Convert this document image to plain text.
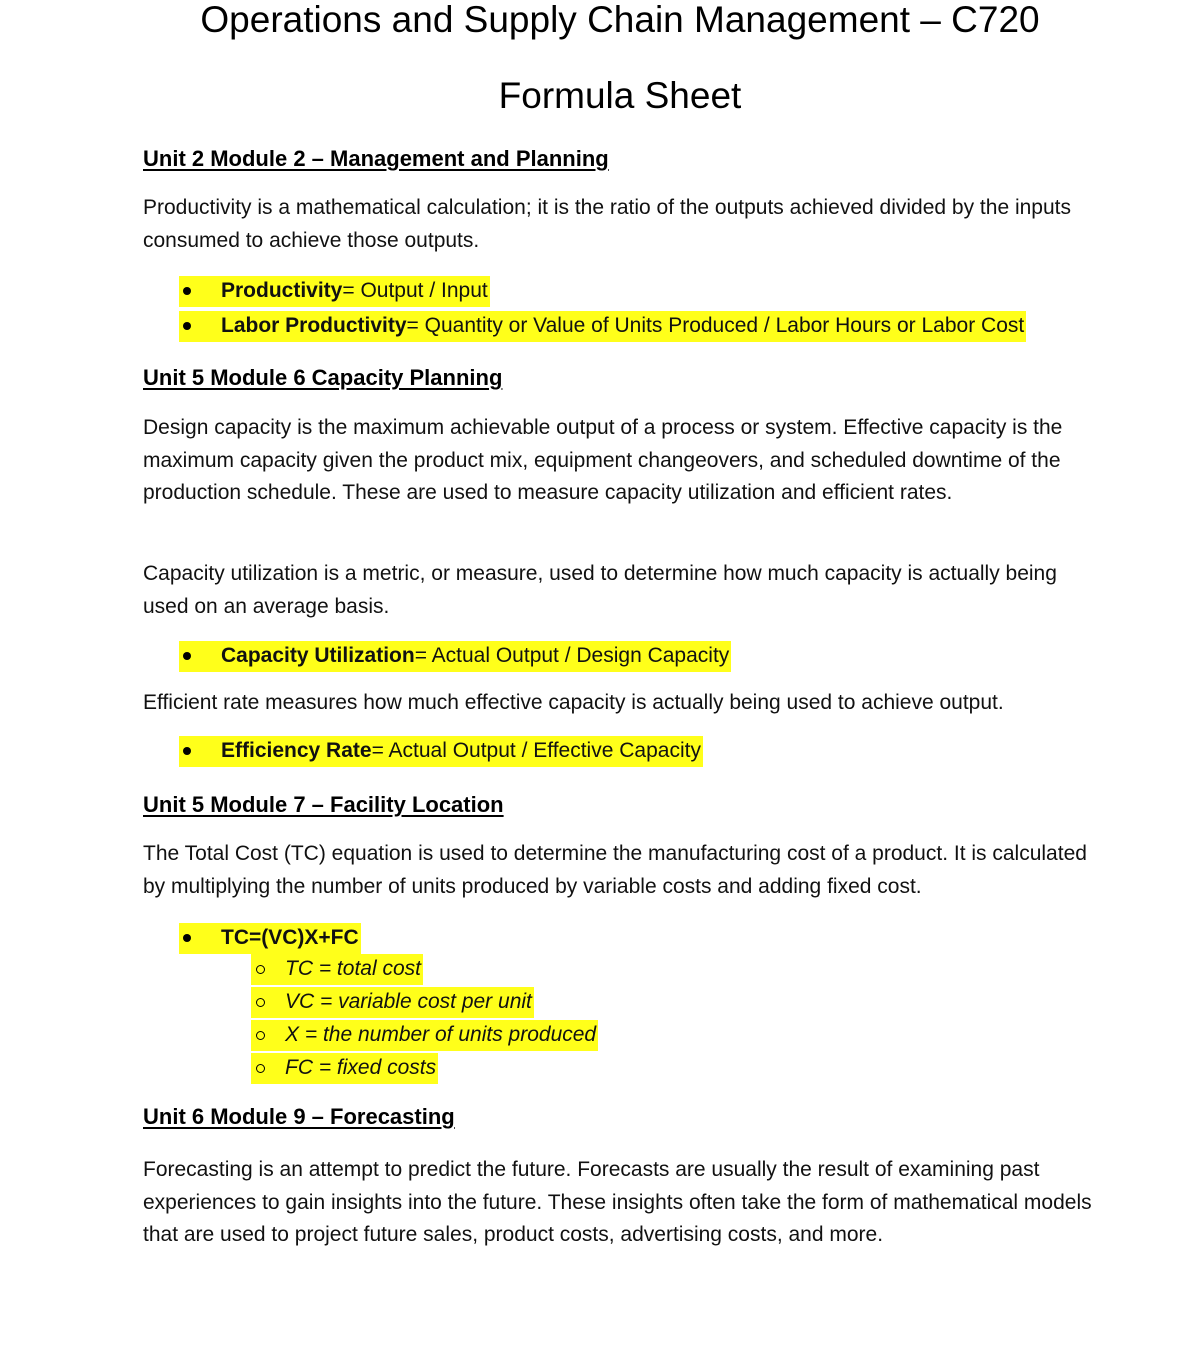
Operations and Supply Chain Management – C720
Formula Sheet
Unit 2 Module 2 – Management and Planning

Productivity is a mathematical calculation; it is the ratio of the outputs achieved divided by the inputs consumed to achieve those outputs.

Productivity = Output / Input
Labor Productivity = Quantity or Value of Units Produced / Labor Hours or Labor Cost
Unit 5 Module 6 Capacity Planning

Design capacity is the maximum achievable output of a process or system. Effective capacity is the maximum capacity given the product mix, equipment changeovers, and scheduled downtime of the production schedule. These are used to measure capacity utilization and efficient rates.

Capacity utilization is a metric, or measure, used to determine how much capacity is actually being used on an average basis.

Capacity Utilization = Actual Output / Design Capacity

Efficient rate measures how much effective capacity is actually being used to achieve output.

Efficiency Rate = Actual Output / Effective Capacity
Unit 5 Module 7 – Facility Location

The Total Cost (TC) equation is used to determine the manufacturing cost of a product. It is calculated by multiplying the number of units produced by variable costs and adding fixed cost.

TC=(VC)X+FC
TC = total cost
VC = variable cost per unit
X = the number of units produced
FC = fixed costs
Unit 6 Module 9 – Forecasting

Forecasting is an attempt to predict the future. Forecasts are usually the result of examining past experiences to gain insights into the future. These insights often take the form of mathematical models that are used to project future sales, product costs, advertising costs, and more.
